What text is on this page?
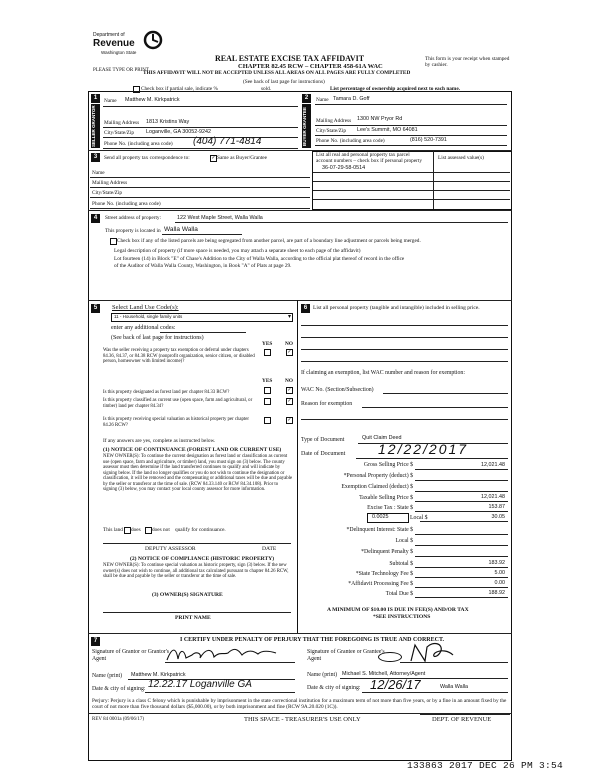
Department of
Revenue
Washington State
PLEASE TYPE OR PRINT
REAL ESTATE EXCISE TAX AFFIDAVIT
CHAPTER 82.45 RCW – CHAPTER 458-61A WAC
This form is your receipt when stamped by cashier.
THIS AFFIDAVIT WILL NOT BE ACCEPTED UNLESS ALL AREAS ON ALL PAGES ARE FULLY COMPLETED
(See back of last page for instructions)
Check box if partial sale, indicate %	sold.	List percentage of ownership acquired next to each name.
1
SELLER GRANTOR
Name Matthew M. Kirkpatrick
Mailing Address 1813 Kristins Way
City/State/Zip Loganville, GA 30052-9242
Phone No. (including area code) (404) 771-4814
2
BUYER GRANTEE
Name Tamara D. Goff
Mailing Address 1300 NW Pryor Rd
City/State/Zip Lee's Summit, MO 64081
Phone No. (including area code)	(816) 520-7391
3	Send all property tax correspondence to:	✓ Same as Buyer/Grantee
Name
Mailing Address
City/State/Zip
Phone No. (including area code)
List all real and personal property tax parcel account numbers – check box if personal property
List assessed value(s)
36-07-29-58-0514
4	Street address of property:	122 West Maple Street, Walla Walla
This property is located in Walla Walla
Check box if any of the listed parcels are being segregated from another parcel, are part of a boundary line adjustment or parcels being merged.
Legal description of property (if more space is needed, you may attach a separate sheet to each page of the affidavit)
Lot fourteen (14) in Block "E" of Chase's Addition to the City of Walla Walla, according to the official plat thereof of record in the office
of the Auditor of Walla Walla County, Washington, in Book "A" of Plats at page 29.
5	Select Land Use Code(s):
11 - Household, single family units	▾
enter any additional codes:
(See back of last page for instructions)
YES NO
Was the seller receiving a property tax exemption or deferral under chapters 84.36, 84.37, or 84.38 RCW (nonprofit organization, senior citizen, or disabled person, homeowner with limited income)?
✓
YES NO
Is this property designated as forest land per chapter 84.33 RCW?	✓
Is this property classified as current use (open space, farm and agricultural, or timber) land per chapter 84.34?
✓
Is this property receiving special valuation as historical property per chapter 84.26 RCW?
✓
If any answers are yes, complete as instructed below.
(1) NOTICE OF CONTINUANCE (FOREST LAND OR CURRENT USE)
NEW OWNER(S): To continue the current designation as forest land or classification as current use (open space, farm and agriculture, or timber) land, you must sign on (3) below. The county assessor must then determine if the land transferred continues to qualify and will indicate by signing below. If the land no longer qualifies or you do not wish to continue the designation or classification, it will be removed and the compensating or additional taxes will be due and payable by the seller or transferor at the time of sale. (RCW 84.33.140 or RCW 84.34.108). Prior to signing (3) below, you may contact your local county assessor for more information.
This land does does not qualify for continuance.
DEPUTY ASSESSOR	DATE
(2) NOTICE OF COMPLIANCE (HISTORIC PROPERTY)
NEW OWNER(S): To continue special valuation as historic property, sign (3) below. If the new owner(s) does not wish to continue, all additional tax calculated pursuant to chapter 84.26 RCW, shall be due and payable by the seller or transferor at the time of sale.
(3) OWNER(S) SIGNATURE
PRINT NAME
6	List all personal property (tangible and intangible) included in selling price.
If claiming an exemption, list WAC number and reason for exemption:
WAC No. (Section/Subsection)
Reason for exemption
Type of Document	Quit Claim Deed
Date of Document 12/22/2017
Gross Selling Price $	12,021.48
*Personal Property (deduct) $
Exemption Claimed (deduct) $
Taxable Selling Price $	12,021.48
Excise Tax : State $	153.87
0.0025	Local $	30.05
*Delinquent Interest: State $
Local $
*Delinquent Penalty $
Subtotal $	183.92
*State Technology Fee $	5.00
*Affidavit Processing Fee $	0.00
Total Due $	188.92
A MINIMUM OF $10.00 IS DUE IN FEE(S) AND/OR TAX
*SEE INSTRUCTIONS
7	I CERTIFY UNDER PENALTY OF PERJURY THAT THE FOREGOING IS TRUE AND CORRECT.
Signature of Grantor or Grantor's Agent
Signature of Grantee or Grantee's Agent
Name (print) Matthew M. Kirkpatrick	Name (print) Michael S. Mitchell, Attorney/Agent
Date & city of signing: 12.22.17 Loganville GA	Date & city of signing: 12/26/17	Walla Walla
Perjury: Perjury is a class C felony which is punishable by imprisonment in the state correctional institution for a maximum term of not more than five years, or by a fine in an amount fixed by the court of not more than five thousand dollars ($5,000.00), or by both imprisonment and fine (RCW 9A.20.020 (1C)).
REV 84 0001a (09/06/17)	THIS SPACE - TREASURER'S USE ONLY	DEPT. OF REVENUE
133863 2017 DEC 26 PM 3:54
